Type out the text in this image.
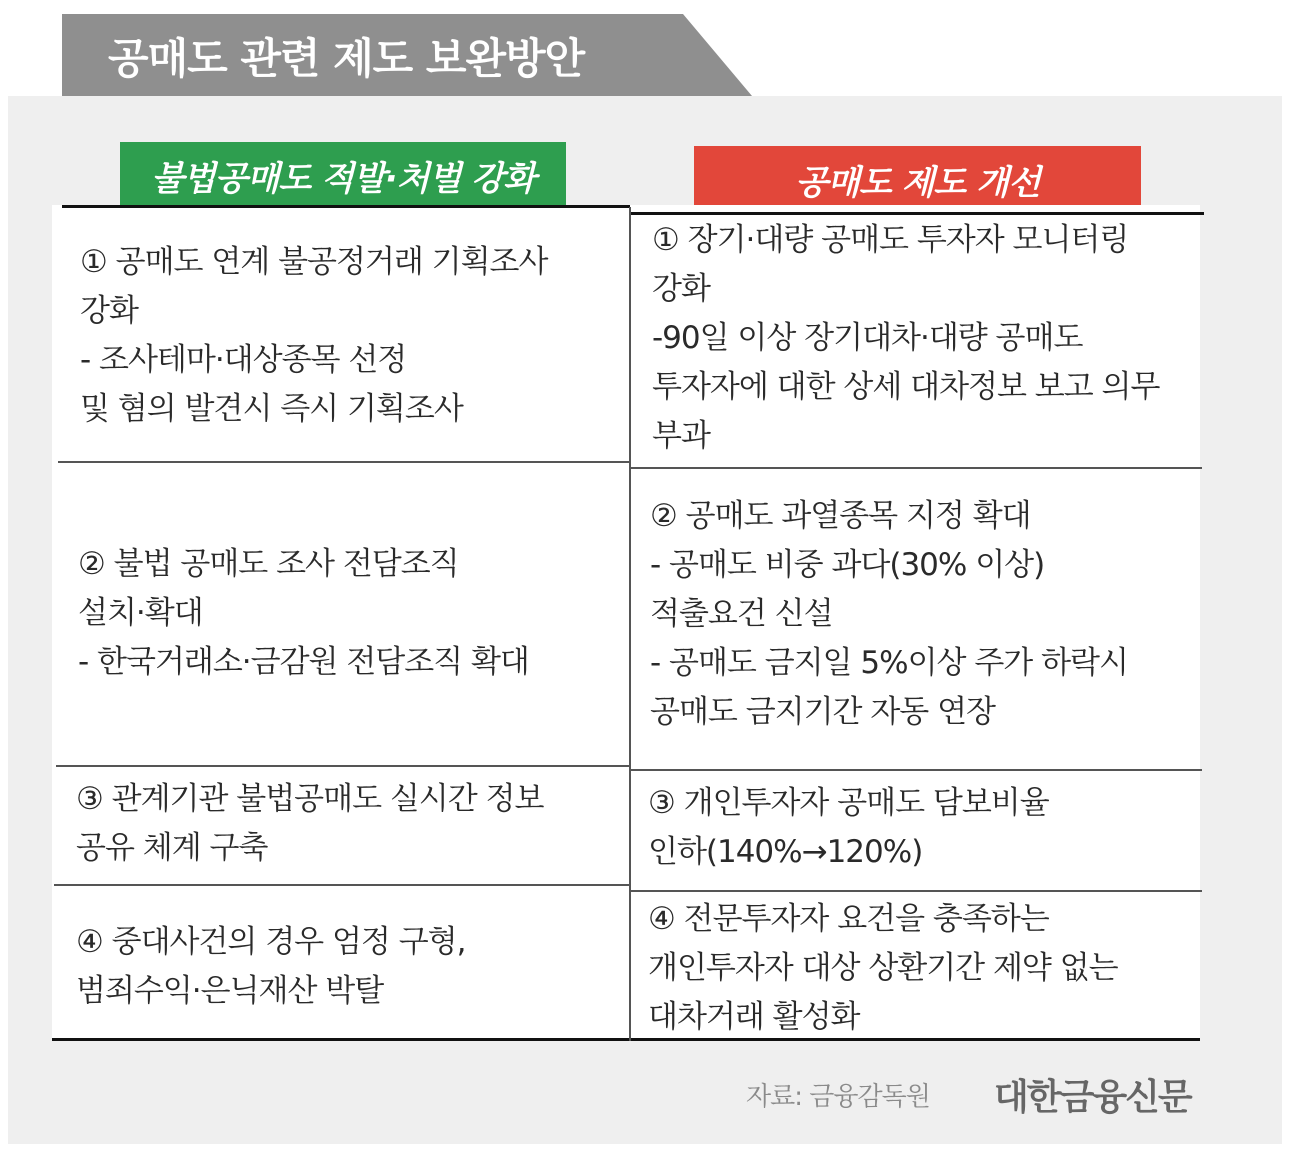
공매도 관련 제도 보완방안
불법공매도 적발·처벌 강화	공매도 제도 개선
① 공매도 연계 불공정거래 기획조사
강화
- 조사테마·대상종목 선정
및 혐의 발견시 즉시 기획조사
① 장기·대량 공매도 투자자 모니터링
강화
-90일 이상 장기대차·대량 공매도
투자자에 대한 상세 대차정보 보고 의무
부과
② 불법 공매도 조사 전담조직
설치·확대
- 한국거래소·금감원 전담조직 확대
② 공매도 과열종목 지정 확대
- 공매도 비중 과다(30% 이상)
적출요건 신설
- 공매도 금지일 5%이상 주가 하락시
공매도 금지기간 자동 연장
③ 관계기관 불법공매도 실시간 정보
공유 체계 구축
③ 개인투자자 공매도 담보비율
인하(140%→120%)
④ 중대사건의 경우 엄정 구형,
범죄수익·은닉재산 박탈
④ 전문투자자 요건을 충족하는
개인투자자 대상 상환기간 제약 없는
대차거래 활성화
자료: 금융감독원 대한금융신문
